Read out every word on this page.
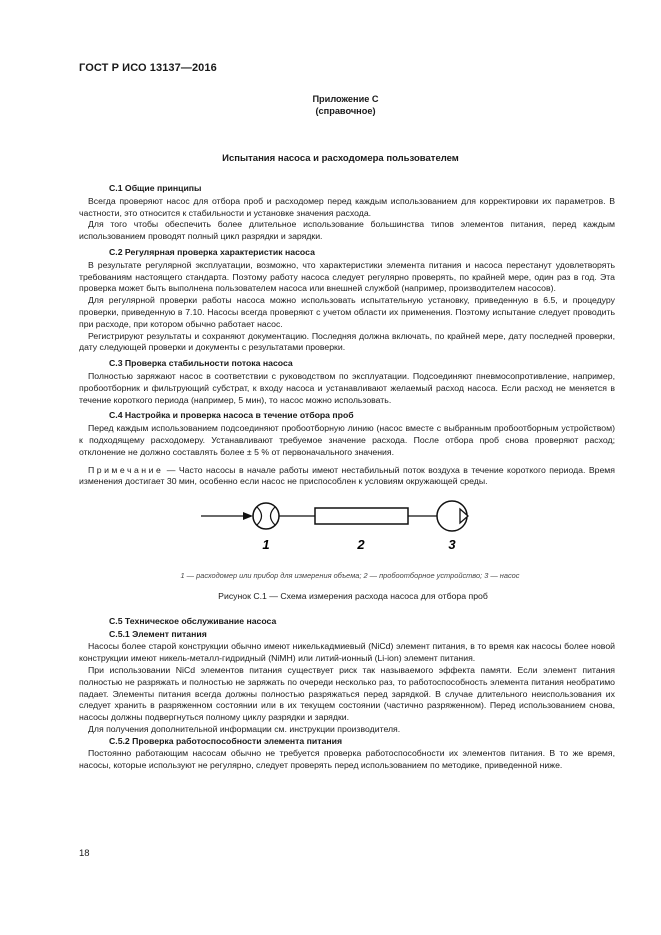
ГОСТ Р ИСО 13137—2016
Приложение С
(справочное)
Испытания насоса и расходомера пользователем
С.1 Общие принципы

Всегда проверяют насос для отбора проб и расходомер перед каждым использованием для корректировки их параметров. В частности, это относится к стабильности и установке значения расхода.

Для того чтобы обеспечить более длительное использование большинства типов элементов питания, перед каждым использованием проводят полный цикл разрядки и зарядки.

С.2 Регулярная проверка характеристик насоса

В результате регулярной эксплуатации, возможно, что характеристики элемента питания и насоса перестанут удовлетворять требованиям настоящего стандарта. Поэтому работу насоса следует регулярно проверять, по крайней мере, один раз в год. Эта проверка может быть выполнена пользователем насоса или внешней службой (например, производителем насосов).

Для регулярной проверки работы насоса можно использовать испытательную установку, приведенную в 6.5, и процедуру проверки, приведенную в 7.10. Насосы всегда проверяют с учетом области их применения. Поэтому испытание следует проводить при расходе, при котором обычно работает насос.

Регистрируют результаты и сохраняют документацию. Последняя должна включать, по крайней мере, дату последней проверки, дату следующей проверки и документы с результатами проверки.

С.3 Проверка стабильности потока насоса

Полностью заряжают насос в соответствии с руководством по эксплуатации. Подсоединяют пневмосопротивление, например, пробоотборник и фильтрующий субстрат, к входу насоса и устанавливают желаемый расход насоса. Если расход не меняется в течение короткого периода (например, 5 мин), то насос можно использовать.

С.4 Настройка и проверка насоса в течение отбора проб

Перед каждым использованием подсоединяют пробоотборную линию (насос вместе с выбранным пробоотборным устройством) к подходящему расходомеру. Устанавливают требуемое значение расхода. После отбора проб снова проверяют расход; отклонение не должно составлять более ± 5 % от первоначального значения.

Примечание — Часто насосы в начале работы имеют нестабильный поток воздуха в течение короткого периода. Время изменения достигает 30 мин, особенно если насос не приспособлен к условиям окружающей среды.

1	2	3
1 — расходомер или прибор для измерения объема; 2 — пробоотборное устройство; 3 — насос
Рисунок С.1 — Схема измерения расхода насоса для отбора проб
С.5 Техническое обслуживание насоса
С.5.1 Элемент питания

Насосы более старой конструкции обычно имеют никелькадмиевый (NiCd) элемент питания, в то время как насосы более новой конструкции имеют никель-металл-гидридный (NiMH) или литий-ионный (Li-ion) элемент питания.

При использовании NiCd элементов питания существует риск так называемого эффекта памяти. Если элемент питания полностью не разряжать и полностью не заряжать по очереди несколько раз, то работоспособность элемента питания необратимо падает. Элементы питания всегда должны полностью разряжаться перед зарядкой. В случае длительного неиспользования их следует хранить в разряженном состоянии или в их текущем состоянии (частично разряженном). Перед использованием снова, насосы должны подвергнуться полному циклу разрядки и зарядки.

Для получения дополнительной информации см. инструкции производителя.

С.5.2 Проверка работоспособности элемента питания

Постоянно работающим насосам обычно не требуется проверка работоспособности их элементов питания. В то же время, насосы, которые используют не регулярно, следует проверять перед использованием по методике, приведенной ниже.

18
